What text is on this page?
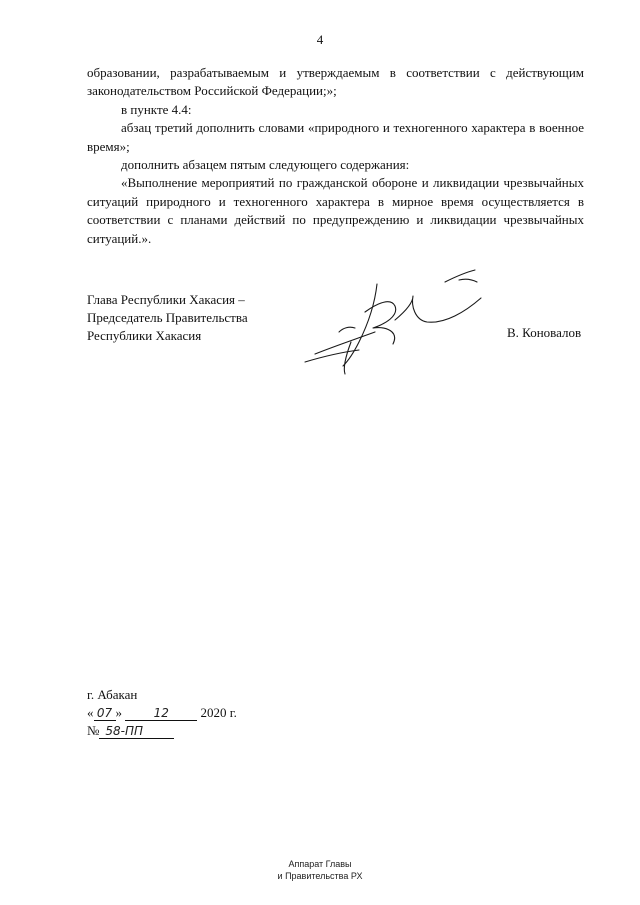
4

образовании, разрабатываемым и утверждаемым в соответствии с действующим законодательством Российской Федерации;»;

в пункте 4.4:

абзац третий дополнить словами «природного и техногенного характера в военное время»;

дополнить абзацем пятым следующего содержания:

«Выполнение мероприятий по гражданской обороне и ликвидации чрезвычайных ситуаций природного и техногенного характера в мирное время осуществляется в соответствии с планами действий по предупреждению и ликвидации чрезвычайных ситуаций.».

Глава Республики Хакасия –
Председатель Правительства
Республики Хакасия	В. Коновалов
г. Абакан
« 07 »	12 2020 г.
№ 58-ПП
Аппарат Главы
и Правительства РХ
